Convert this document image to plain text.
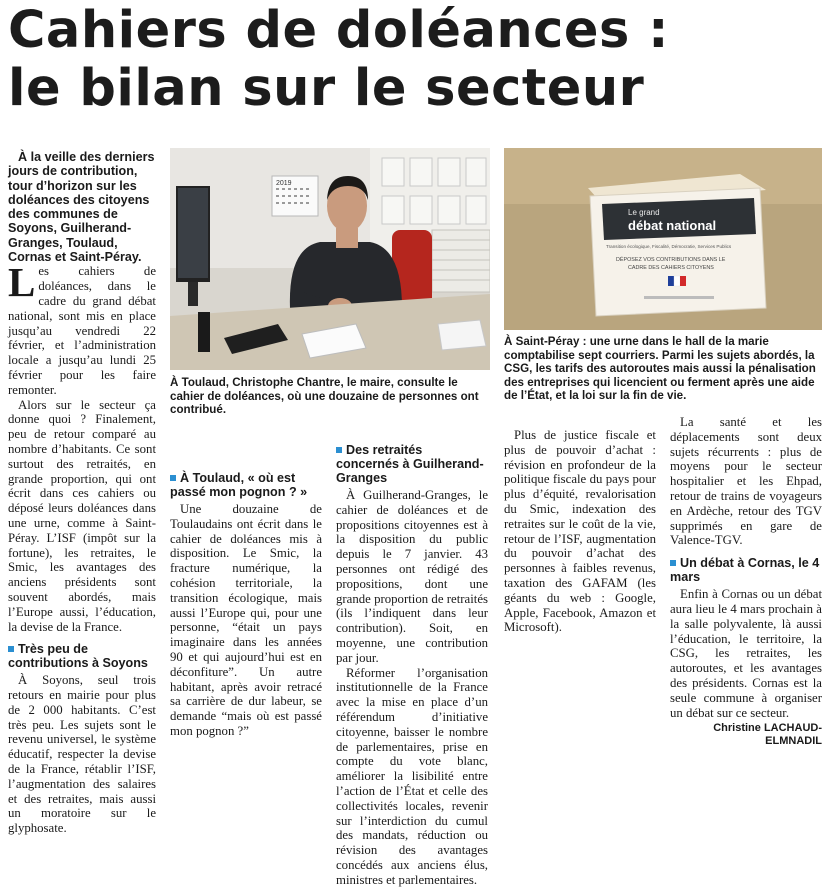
Cahiers de doléances :
le bilan sur le secteur

À la veille des derniers jours de contribution, tour d’horizon sur les doléances des citoyens des communes de Soyons, Guilherand-Granges, Toulaud, Cornas et Saint-Péray.

Les cahiers de doléances, dans le cadre du grand débat national, sont mis en place jusqu’au vendredi 22 février, et l’administration locale a jusqu’au lundi 25 février pour les faire remonter.

Alors sur le secteur ça donne quoi ? Finalement, peu de retour comparé au nombre d’habitants. Ce sont surtout des retraités, en grande proportion, qui ont écrit dans ces cahiers ou déposé leurs doléances dans une urne, comme à Saint-Péray. L’ISF (impôt sur la fortune), les retraites, le Smic, les avantages des anciens présidents sont souvent abordés, mais l’Europe aussi, l’éducation, la devise de la France.

Très peu de contributions à Soyons

À Soyons, seul trois retours en mairie pour plus de 2 000 habitants. C’est très peu. Les sujets sont le revenu universel, le système éducatif, respecter la devise de la France, rétablir l’ISF, l’augmentation des salaires et des retraites, mais aussi un moratoire sur le glyphosate.

2019

À Toulaud, Christophe Chantre, le maire, consulte le cahier de doléances, où une douzaine de personnes ont contribué.

Le grand
débat national
Transition écologique, Fiscalité, Démocratie, Services Publics
DÉPOSEZ VOS CONTRIBUTIONS DANS LE
CADRE DES CAHIERS CITOYENS

À Saint-Péray : une urne dans le hall de la marie comptabilise sept courriers. Parmi les sujets abordés, la CSG, les tarifs des autoroutes mais aussi la pénalisation des entreprises qui licencient ou ferment après une aide de l’État, et la loi sur la fin de vie.

À Toulaud, « où est passé mon pognon ? »

Une douzaine de Toulaudains ont écrit dans le cahier de doléances mis à disposition. Le Smic, la fracture numérique, la cohésion territoriale, la transition écologique, mais aussi l’Europe qui, pour une personne, “était un pays imaginaire dans les années 90 et qui aujourd’hui est en déconfiture”. Un autre habitant, après avoir retracé sa carrière de dur labeur, se demande “mais où est passé mon pognon ?”

Des retraités concernés à Guilherand-Granges

À Guilherand-Granges, le cahier de doléances et de propositions citoyennes est à la disposition du public depuis le 7 janvier. 43 personnes ont rédigé des propositions, dont une grande proportion de retraités (ils l’indiquent dans leur contribution). Soit, en moyenne, une contribution par jour.

Réformer l’organisation institutionnelle de la France avec la mise en place d’un référendum d’initiative citoyenne, baisser le nombre de parlementaires, prise en compte du vote blanc, améliorer la lisibilité entre l’action de l’État et celle des collectivités locales, revenir sur l’interdiction du cumul des mandats, réduction ou révision des avantages concédés aux anciens élus, ministres et parlementaires.

Plus de justice fiscale et plus de pouvoir d’achat : révision en profondeur de la politique fiscale du pays pour plus d’équité, revalorisation du Smic, indexation des retraites sur le coût de la vie, retour de l’ISF, augmentation du pouvoir d’achat des personnes à faibles revenus, taxation des GAFAM (les géants du web : Google, Apple, Facebook, Amazon et Microsoft).

La santé et les déplacements sont deux sujets récurrents : plus de moyens pour le secteur hospitalier et les Ehpad, retour de trains de voyageurs en Ardèche, retour des TGV supprimés en gare de Valence-TGV.

Un débat à Cornas, le 4 mars

Enfin à Cornas ou un débat aura lieu le 4 mars prochain à la salle polyvalente, là aussi l’éducation, le territoire, la CSG, les retraites, les autoroutes, et les avantages des présidents. Cornas est la seule commune à organiser un débat sur ce secteur.

Christine LACHAUD-
ELMNADIL
